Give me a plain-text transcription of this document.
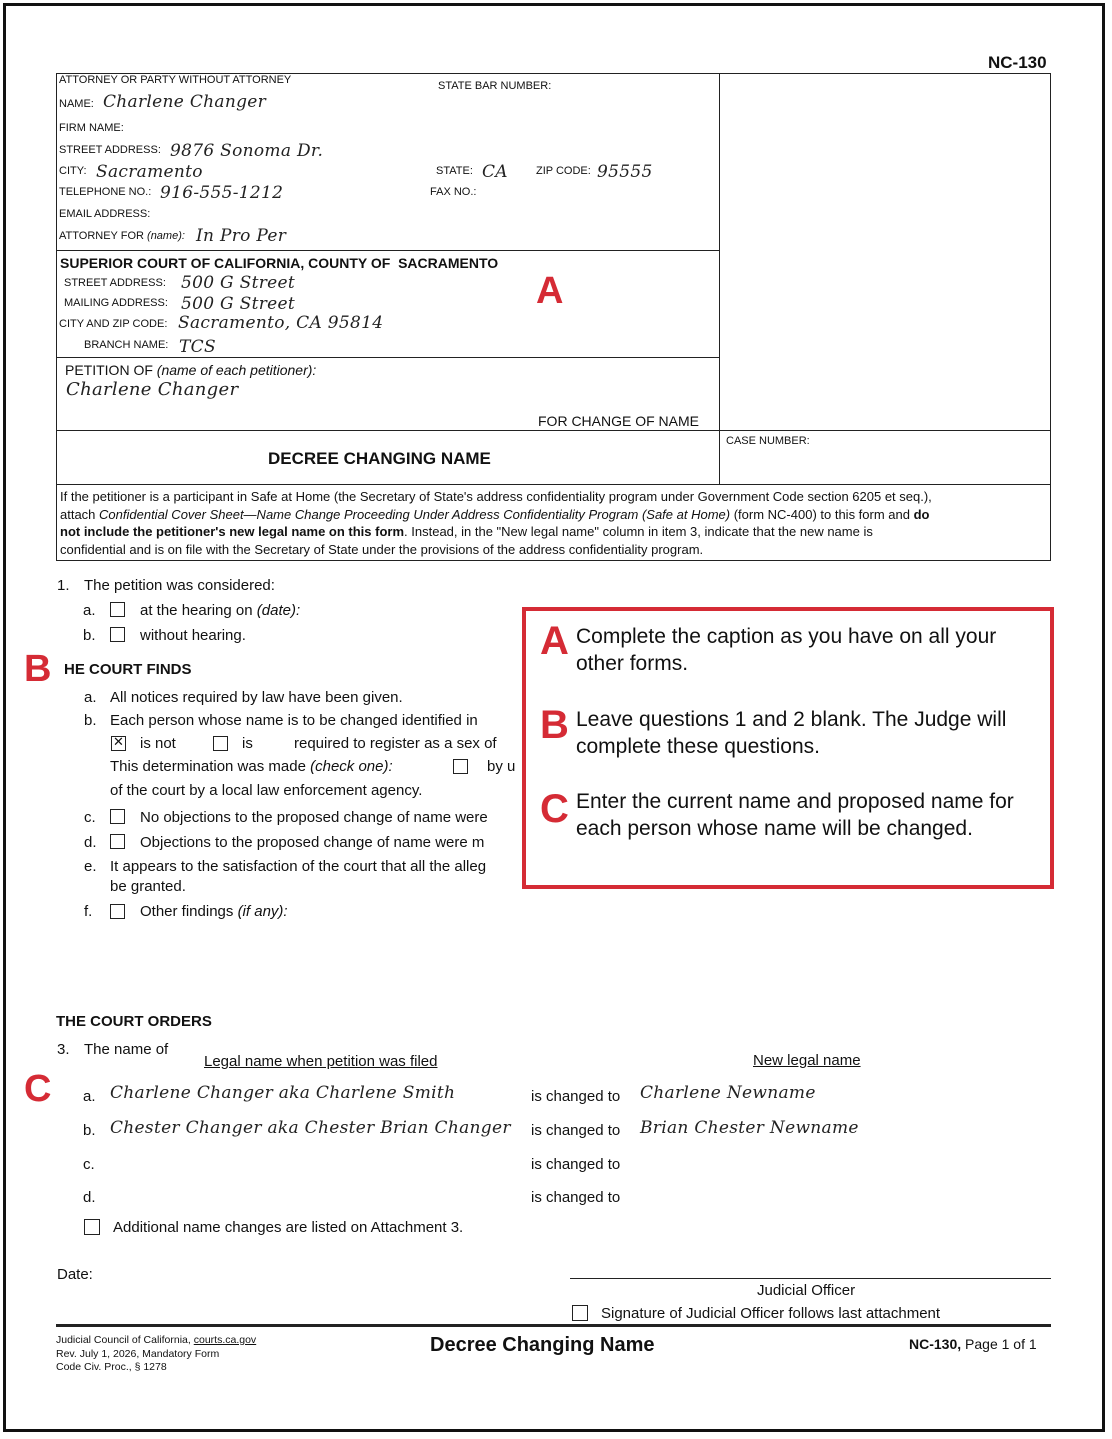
NC-130
ATTORNEY OR PARTY WITHOUT ATTORNEY	STATE BAR NUMBER:
NAME: Charlene Changer
FIRM NAME:
STREET ADDRESS: 9876 Sonoma Dr.
CITY: Sacramento	STATE: CA	ZIP CODE: 95555
TELEPHONE NO.: 916-555-1212	FAX NO.:
EMAIL ADDRESS:
ATTORNEY FOR (name): In Pro Per
SUPERIOR COURT OF CALIFORNIA, COUNTY OF SACRAMENTO
STREET ADDRESS: 500 G Street
MAILING ADDRESS: 500 G Street
CITY AND ZIP CODE: Sacramento, CA 95814
BRANCH NAME: TCS
A
PETITION OF (name of each petitioner):
Charlene Changer
FOR CHANGE OF NAME
DECREE CHANGING NAME
CASE NUMBER:
If the petitioner is a participant in Safe at Home (the Secretary of State's address confidentiality program under Government Code section 6205 et seq.),
attach Confidential Cover Sheet—Name Change Proceeding Under Address Confidentiality Program (Safe at Home) (form NC-400) to this form and do
not include the petitioner's new legal name on this form. Instead, in the "New legal name" column in item 3, indicate that the new name is
confidential and is on file with the Secretary of State under the provisions of the address confidentiality program.
1. The petition was considered:
a.	at the hearing on (date):
b.	without hearing.
B HE COURT FINDS
a. All notices required by law have been given.
b. Each person whose name is to be changed identified in
✕
is not	is	required to register as a sex of
This determination was made (check one):	by u
of the court by a local law enforcement agency.
c.	No objections to the proposed change of name were
d.	Objections to the proposed change of name were m
e. It appears to the satisfaction of the court that all the alleg
be granted.
f.	Other findings (if any):
A Complete the caption as you have on all your other forms.
B Leave questions 1 and 2 blank. The Judge will complete these questions.
C Enter the current name and proposed name for each person whose name will be changed.
THE COURT ORDERS
3. The name of
Legal name when petition was filed	New legal name
C a. Charlene Changer aka Charlene Smith	is changed to Charlene Newname
b. Chester Changer aka Chester Brian Changer is changed to Brian Chester Newname
c.	is changed to
d.	is changed to
Additional name changes are listed on Attachment 3.
Date:
Judicial Officer
Signature of Judicial Officer follows last attachment
Judicial Council of California, courts.ca.gov
Rev. July 1, 2026, Mandatory Form
Code Civ. Proc., § 1278
Decree Changing Name	NC-130, Page 1 of 1
